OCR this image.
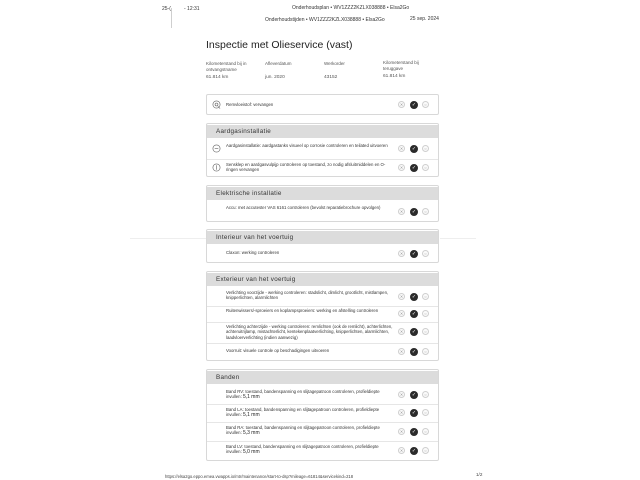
25-(	- 12:31	Onderhoudsplan • WV1ZZZ2KZLX038888 • Elsa2Go
Onderhoudstijden • WV1ZZZ2KZLX038888 • Elsa2Go	25 sep. 2024
Inspectie met Olieservice (vast)
Kilometerstand bij in ontvangstname
61.814 km
Afleverdatum
jun. 2020
Werkorder
43152
Kilometerstand bij teruggave
61.814 km
Remvloeistof: vervangen	✕	✓	○
Aardgasinstallatie
Aardgasinstallatie: aardgastanks visueel op corrosie controleren en teilated uitvoeren
✕	✓	○
Sensklep en aardgasvulpijp controleren op toestand, zo nodig afsluitmiddelen en O-ringen vervangen	✕	✓	○
Elektrische installatie
Accu: met accutester VAS 6161 controleren (bevolst reparatiebrochure opvolgen)
✕	✓	○
Interieur van het voertuig
Claxon: werking controleren	✕	✓	○
Exterieur van het voertuig
Verlichting voorzijde - werking controleren: stadslicht, dimlicht, grootlicht, mistlampen, knipperlichten, alarmlichten	✕	✓	○
Ruitenwissers/-sproeiers en koplampsproeiers: werking en afstelling controleren
✕	✓	○
Verlichting achterzijde - werking controleren: remlichten (ook de remlicht), achterlichten, achteruitrijlamp, mistachterlicht, kentekenplaatverlichting, knipperlichten, alarmlichten, laadvloerverlichting (indien aanwezig)
✕	✓	○
Voorruit: visuele controle op beschadigingen uitvoeren	✕	✓	○
Banden
Band RV: toestand, bandenspanning en slijtagepatroon controleren, profieldiepte invullen: 5,1 mm	✕	✓	○
Band LA: toestand, bandenspanning en slijtagepatroon controleren, profieldiepte invullen: 5,1 mm	✕	✓	○
Band RA: toestand, bandenspanning en slijtagepatroon controleren, profieldiepte invullen: 5,3 mm	✕	✓	○
Band LV: toestand, bandenspanning en slijtagepatroon controleren, profieldiepte invullen: 5,0 mm	✕	✓	○
https://elsa2go.eppo.emea.vwapps.io/mtr/maintenance/start-to-dsp?mileage=61814&servicekind=218	1/2
